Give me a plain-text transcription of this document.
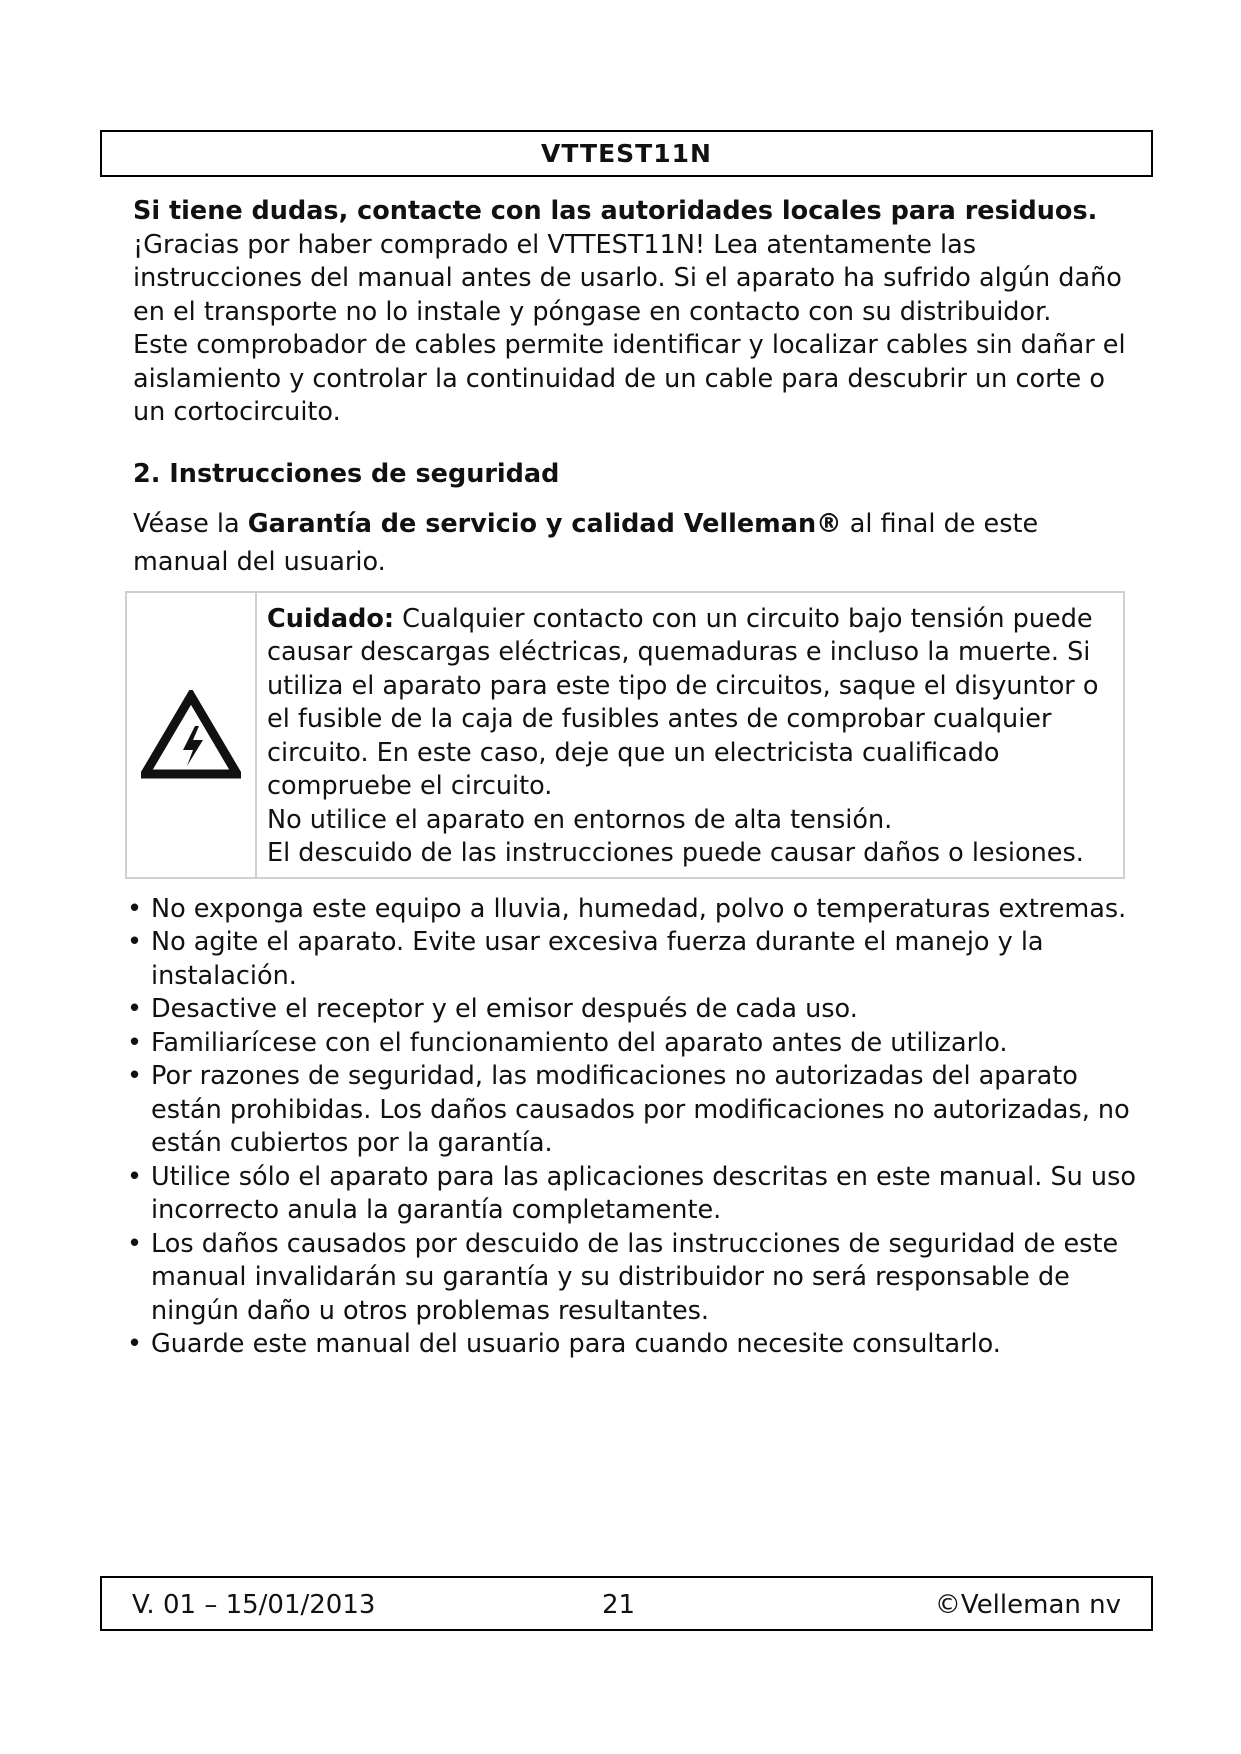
VTTEST11N

Si tiene dudas, contacte con las autoridades locales para residuos.

¡Gracias por haber comprado el VTTEST11N! Lea atentamente las instrucciones del manual antes de usarlo. Si el aparato ha sufrido algún daño en el transporte no lo instale y póngase en contacto con su distribuidor.

Este comprobador de cables permite identificar y localizar cables sin dañar el aislamiento y controlar la continuidad de un cable para descubrir un corte o un cortocircuito.

2. Instrucciones de seguridad

Véase la Garantía de servicio y calidad Velleman® al final de este manual del usuario.

Cuidado: Cualquier contacto con un circuito bajo tensión puede causar descargas eléctricas, quemaduras e incluso la muerte. Si utiliza el aparato para este tipo de circuitos, saque el disyuntor o el fusible de la caja de fusibles antes de comprobar cualquier circuito. En este caso, deje que un electricista cualificado compruebe el circuito.
No utilice el aparato en entornos de alta tensión.
El descuido de las instrucciones puede causar daños o lesiones.
• No exponga este equipo a lluvia, humedad, polvo o temperaturas extremas.
• No agite el aparato. Evite usar excesiva fuerza durante el manejo y la instalación.
• Desactive el receptor y el emisor después de cada uso.
• Familiarícese con el funcionamiento del aparato antes de utilizarlo.
• Por razones de seguridad, las modificaciones no autorizadas del aparato están prohibidas. Los daños causados por modificaciones no autorizadas, no están cubiertos por la garantía.
• Utilice sólo el aparato para las aplicaciones descritas en este manual. Su uso incorrecto anula la garantía completamente.
• Los daños causados por descuido de las instrucciones de seguridad de este manual invalidarán su garantía y su distribuidor no será responsable de ningún daño u otros problemas resultantes.
• Guarde este manual del usuario para cuando necesite consultarlo.
V. 01 – 15/01/2013	21	©Velleman nv
